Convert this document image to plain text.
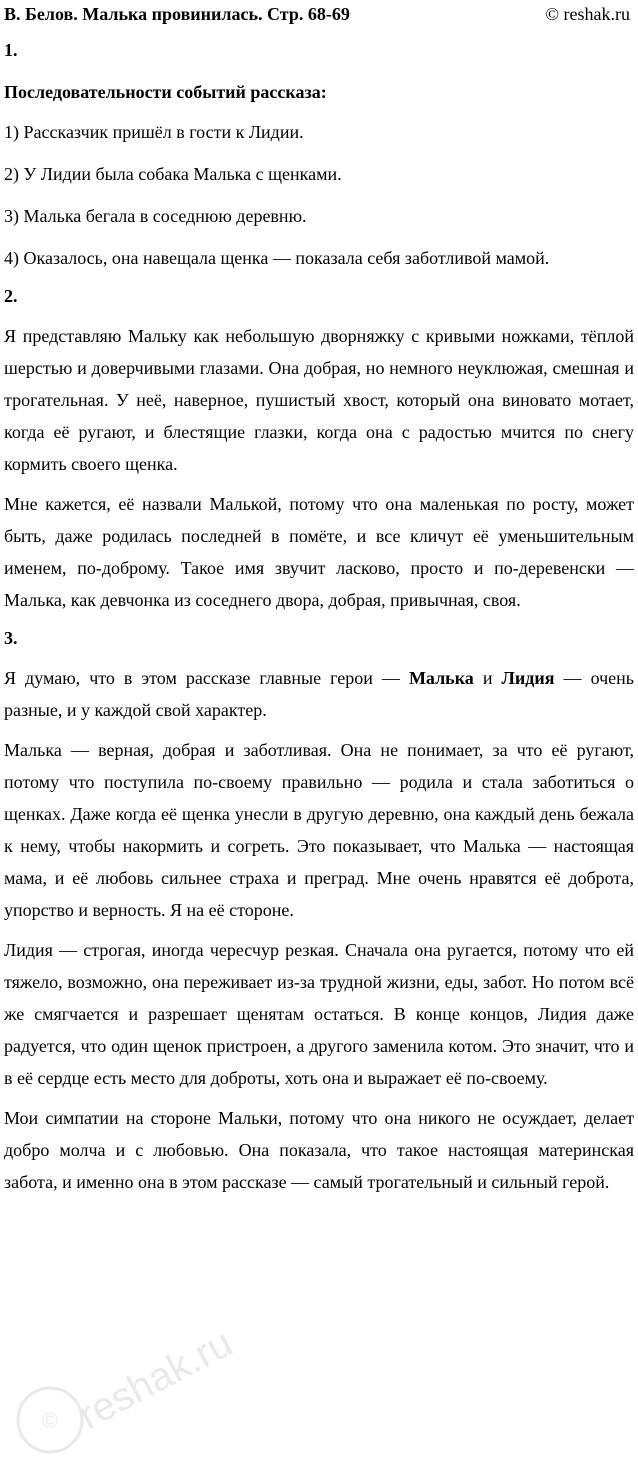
В. Белов. Малька провинилась. Стр. 68-69	© reshak.ru

1.

Последовательности событий рассказа:

1) Рассказчик пришёл в гости к Лидии.

2) У Лидии была собака Малька с щенками.

3) Малька бегала в соседнюю деревню.

4) Оказалось, она навещала щенка — показала себя заботливой мамой.

2.

Я представляю Мальку как небольшую дворняжку с кривыми ножками, тёплой шерстью и доверчивыми глазами. Она добрая, но немного неуклюжая, смешная и трогательная. У неё, наверное, пушистый хвост, который она виновато мотает, когда её ругают, и блестящие глазки, когда она с радостью мчится по снегу кормить своего щенка.

Мне кажется, её назвали Малькой, потому что она маленькая по росту, может быть, даже родилась последней в помёте, и все кличут её уменьшительным именем, по-доброму. Такое имя звучит ласково, просто и по-деревенски — Малька, как девчонка из соседнего двора, добрая, привычная, своя.

3.

Я думаю, что в этом рассказе главные герои — Малька и Лидия — очень разные, и у каждой свой характер.

Малька — верная, добрая и заботливая. Она не понимает, за что её ругают, потому что поступила по-своему правильно — родила и стала заботиться о щенках. Даже когда её щенка унесли в другую деревню, она каждый день бежала к нему, чтобы накормить и согреть. Это показывает, что Малька — настоящая мама, и её любовь сильнее страха и преград. Мне очень нравятся её доброта, упорство и верность. Я на её стороне.

Лидия — строгая, иногда чересчур резкая. Сначала она ругается, потому что ей тяжело, возможно, она переживает из-за трудной жизни, еды, забот. Но потом всё же смягчается и разрешает щенятам остаться. В конце концов, Лидия даже радуется, что один щенок пристроен, а другого заменила котом. Это значит, что и в её сердце есть место для доброты, хоть она и выражает её по-своему.

Мои симпатии на стороне Мальки, потому что она никого не осуждает, делает добро молча и с любовью. Она показала, что такое настоящая материнская забота, и именно она в этом рассказе — самый трогательный и сильный герой.

© reshak.ru
